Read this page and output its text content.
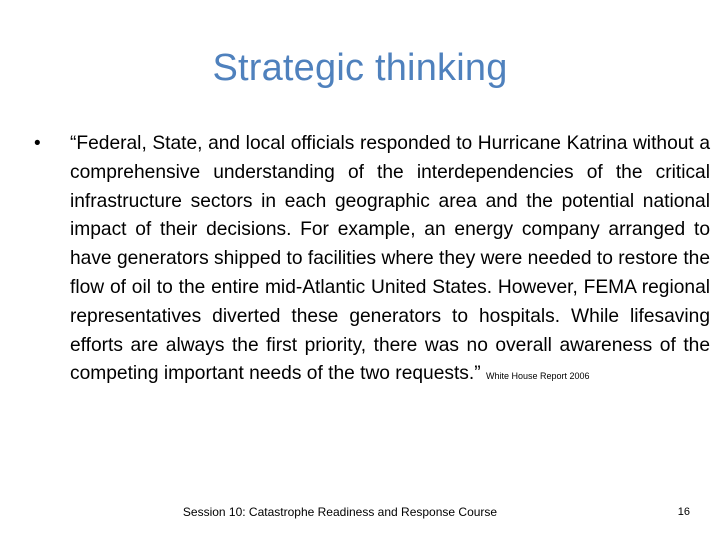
Strategic thinking
• “Federal, State, and local officials responded to Hurricane Katrina without a comprehensive understanding of the interdependencies of the critical infrastructure sectors in each geographic area and the potential national impact of their decisions. For example, an energy company arranged to have generators shipped to facilities where they were needed to restore the flow of oil to the entire mid-Atlantic United States. However, FEMA regional representatives diverted these generators to hospitals. While lifesaving efforts are always the first priority, there was no overall awareness of the competing important needs of the two requests.” White House Report 2006
Session 10: Catastrophe Readiness and Response Course	16
